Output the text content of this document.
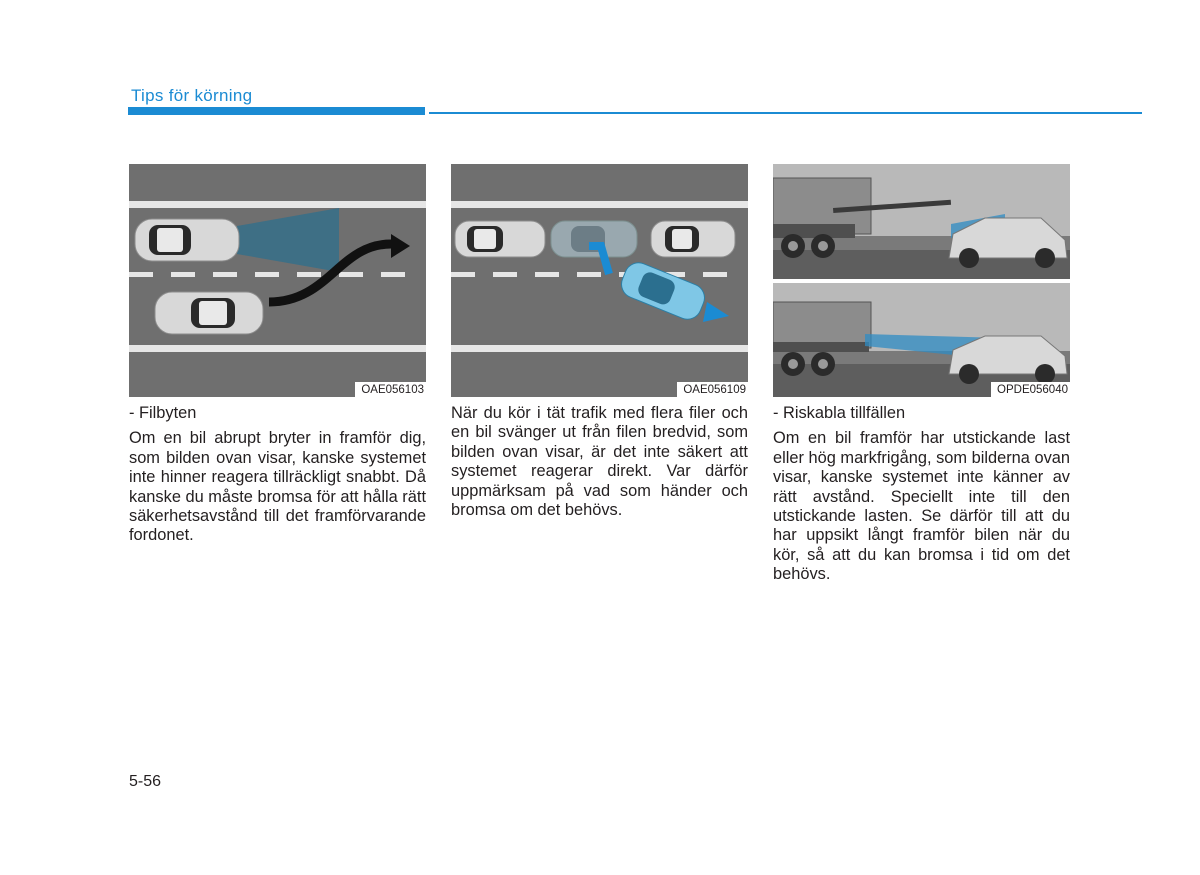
Tips för körning
OAE056103	OAE056109	OPDE056040
- Filbyten
Om en bil abrupt bryter in framför dig, som bilden ovan visar, kanske systemet inte hinner reagera tillräckligt snabbt. Då kanske du måste bromsa för att hålla rätt säkerhetsavstånd till det framförvarande fordonet.
När du kör i tät trafik med flera filer och en bil svänger ut från filen bredvid, som bilden ovan visar, är det inte säkert att systemet reagerar direkt. Var därför uppmärksam på vad som händer och bromsa om det behövs.
- Riskabla tillfällen
Om en bil framför har utstickande last eller hög markfrigång, som bilderna ovan visar, kanske systemet inte känner av rätt avstånd. Speciellt inte till den utstickande lasten. Se därför till att du har uppsikt långt framför bilen när du kör, så att du kan bromsa i tid om det behövs.
5-56
